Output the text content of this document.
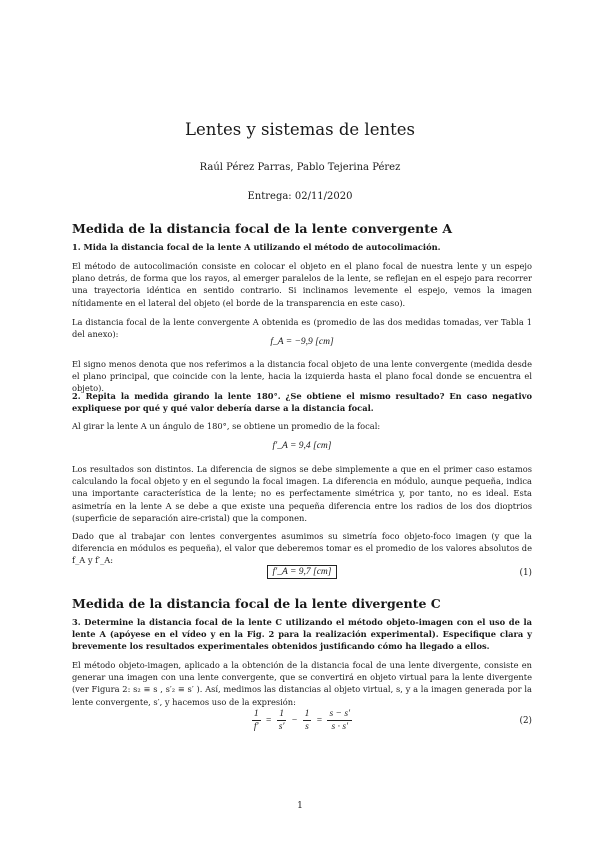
Lentes y sistemas de lentes
Raúl Pérez Parras, Pablo Tejerina Pérez
Entrega: 02/11/2020
Medida de la distancia focal de la lente convergente A
1. Mida la distancia focal de la lente A utilizando el método de autocolimación.
El método de autocolimación consiste en colocar el objeto en el plano focal de nuestra lente y un espejo plano detrás, de forma que los rayos, al emerger paralelos de la lente, se reflejan en el espejo para recorrer una trayectoria idéntica en sentido contrario. Si inclinamos levemente el espejo, vemos la imagen nítidamente en el lateral del objeto (el borde de la transparencia en este caso).
La distancia focal de la lente convergente A obtenida es (promedio de las dos medidas tomadas, ver Tabla 1 del anexo):
f_A = −9,9 [cm]
El signo menos denota que nos referimos a la distancia focal objeto de una lente convergente (medida desde el plano principal, que coincide con la lente, hacia la izquierda hasta el plano focal donde se encuentra el objeto).
2. Repita la medida girando la lente 180°. ¿Se obtiene el mismo resultado? En caso negativo expliquese por qué y qué valor debería darse a la distancia focal.
Al girar la lente A un ángulo de 180°, se obtiene un promedio de la focal:
f′_A = 9,4 [cm]
Los resultados son distintos. La diferencia de signos se debe simplemente a que en el primer caso estamos calculando la focal objeto y en el segundo la focal imagen. La diferencia en módulo, aunque pequeña, indica una importante característica de la lente; no es perfectamente simétrica y, por tanto, no es ideal. Esta asimetría en la lente A se debe a que existe una pequeña diferencia entre los radios de los dos dioptrios (superficie de separación aire-cristal) que la componen.
Dado que al trabajar con lentes convergentes asumimos su simetría foco objeto-foco imagen (y que la diferencia en módulos es pequeña), el valor que deberemos tomar es el promedio de los valores absolutos de f_A y f′_A:
f′_A = 9,7 [cm]	(1)
Medida de la distancia focal de la lente divergente C
3. Determine la distancia focal de la lente C utilizando el método objeto-imagen con el uso de la lente A (apóyese en el vídeo y en la Fig. 2 para la realización experimental). Especifique clara y brevemente los resultados experimentales obtenidos justificando cómo ha llegado a ellos.
El método objeto-imagen, aplicado a la obtención de la distancia focal de una lente divergente, consiste en generar una imagen con una lente convergente, que se convertirá en objeto virtual para la lente divergente (ver Figura 2: s₂ ≡ s , s′₂ ≡ s′ ). Así, medimos las distancias al objeto virtual, s, y a la imagen generada por la lente convergente, s′, y hacemos uso de la expresión:
$\frac{1}{f'} = \frac{1}{s'} - \frac{1}{s} = \frac{s - s'}{s \cdot s'}$	(2)
1
